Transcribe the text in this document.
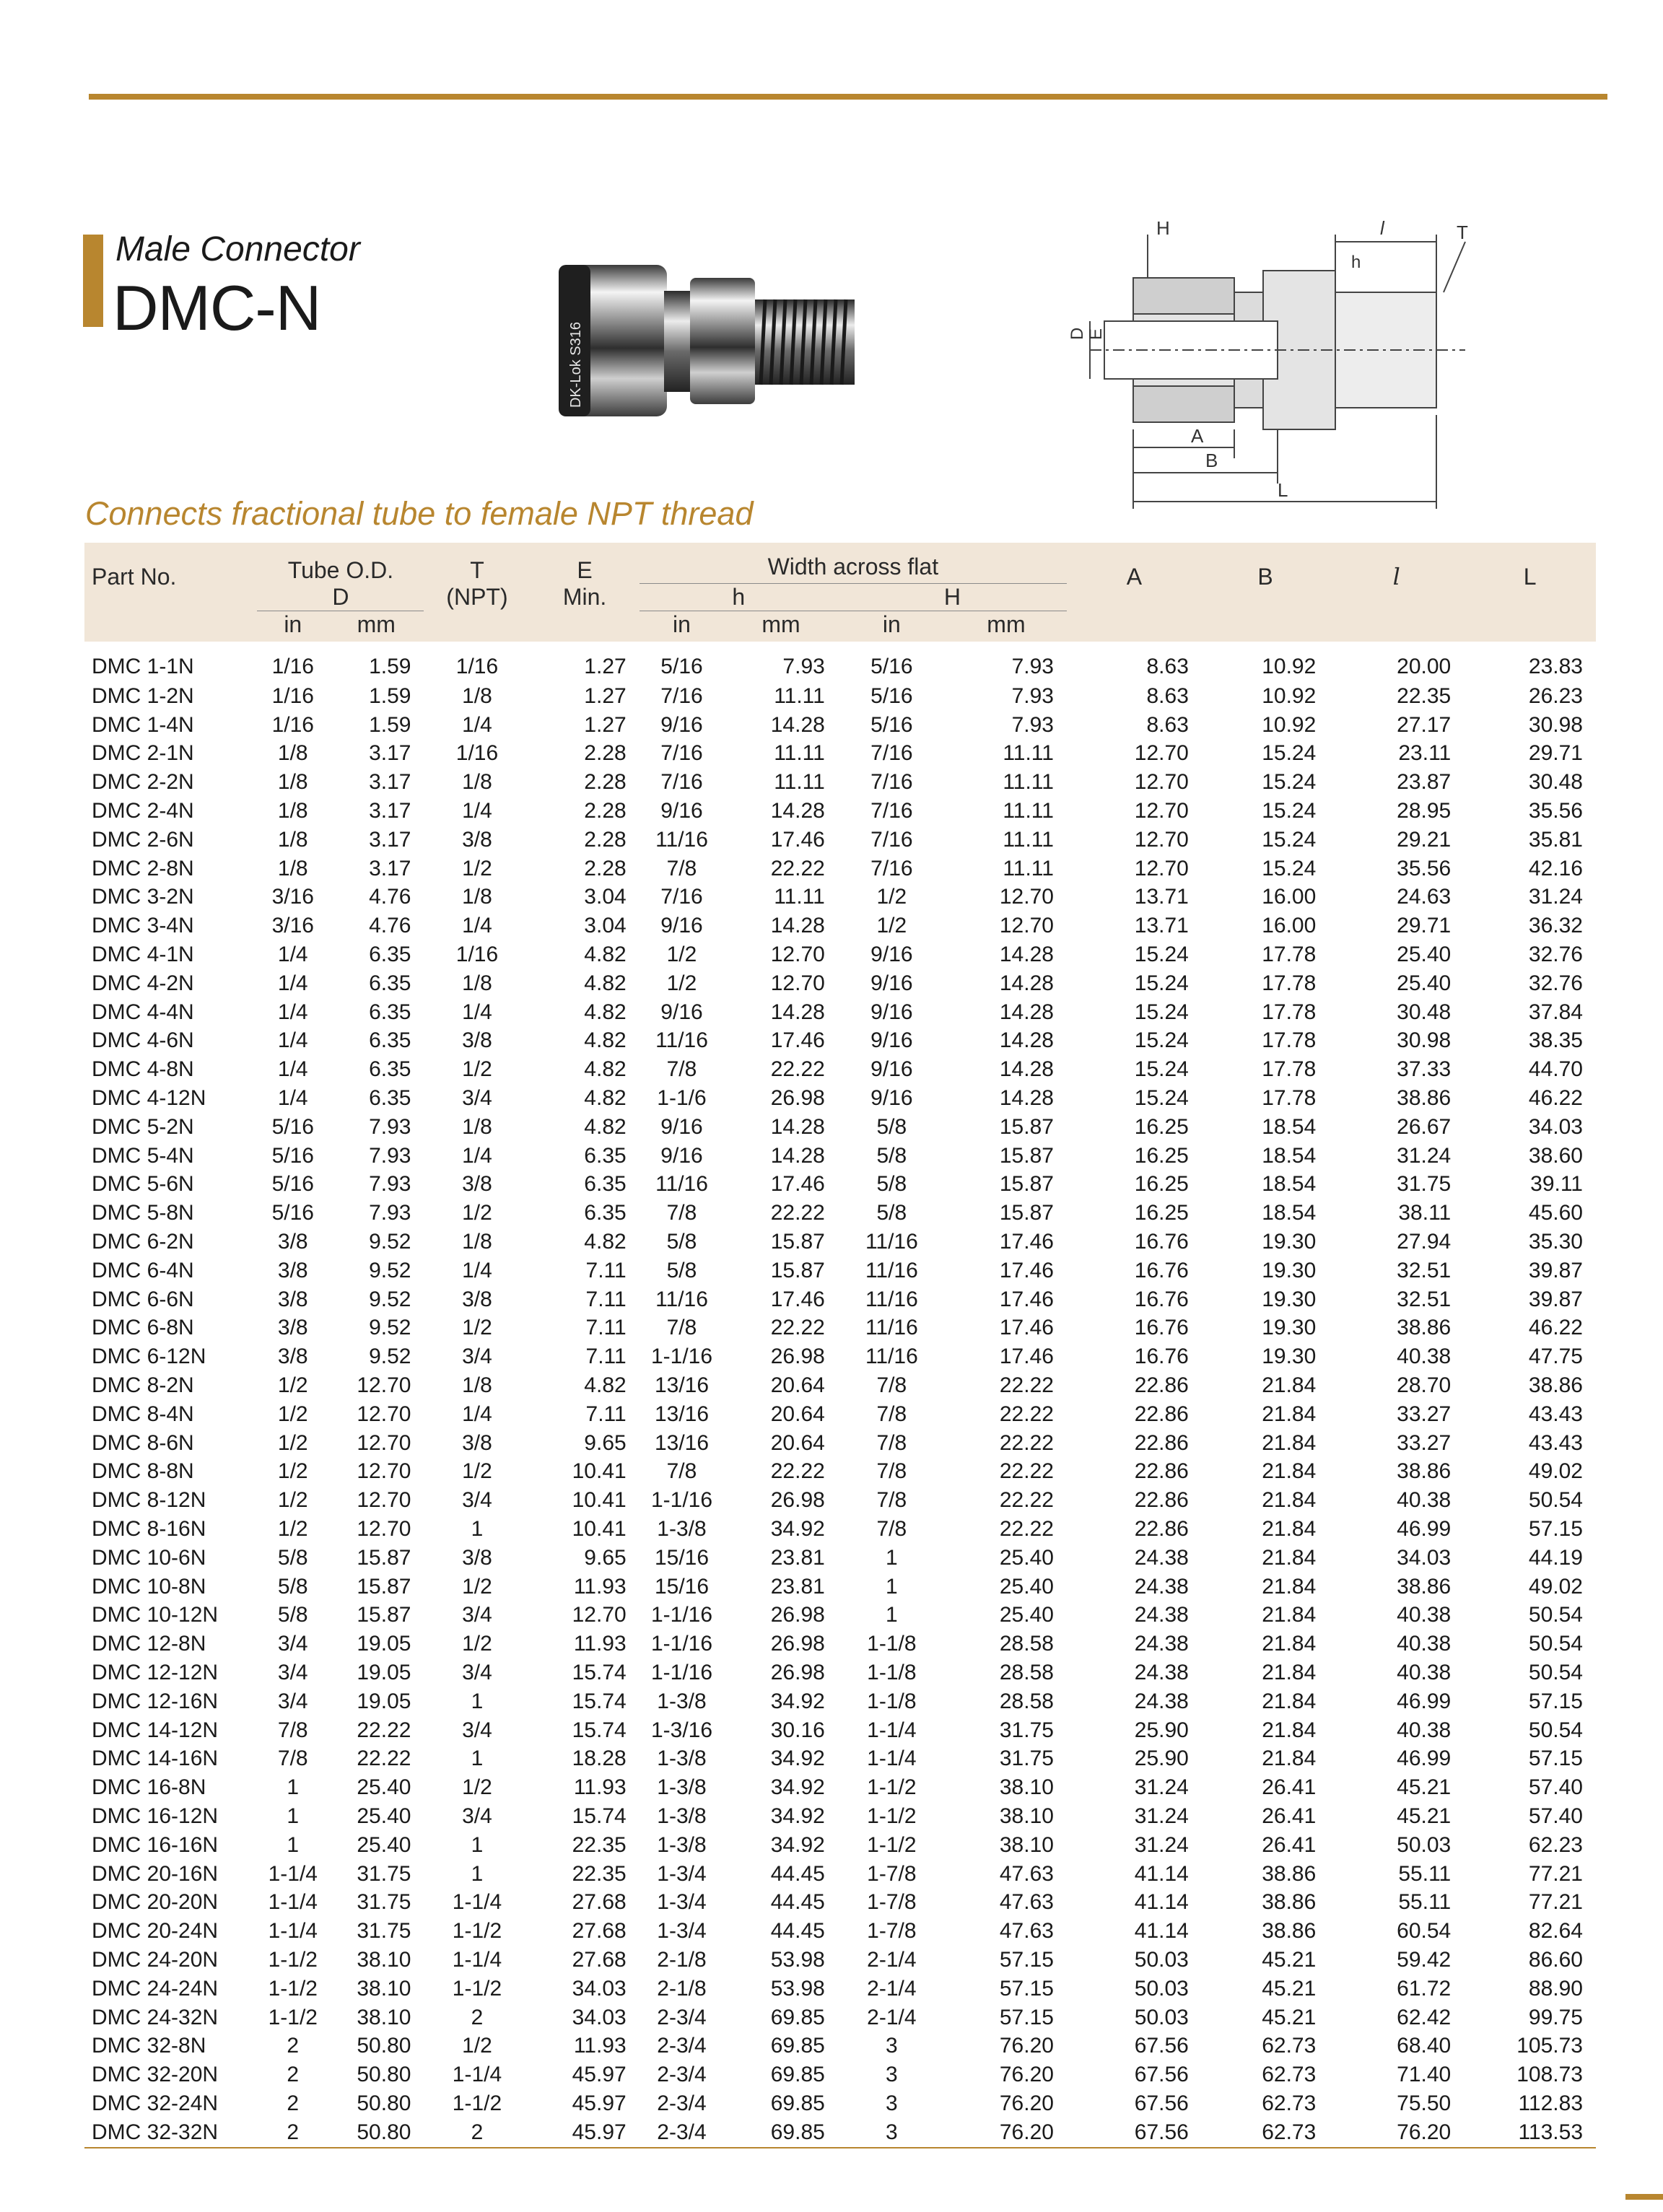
Male Connector
DMC-N
DK-Lok S316
H	l
h
T
D E
A
B
L
Connects fractional tube to female NPT thread
Part No.	Tube O.D.		T	E	Width across flat				A	B	l	L
	D		(NPT)	Min.	h		H					
	in	mm			in	mm	in	mm				
DMC 1-1N	1/16	1.59	1/16	1.27	5/16	7.93	5/16	7.93	8.63	10.92	20.00	23.83
DMC 1-2N	1/16	1.59	1/8	1.27	7/16	11.11	5/16	7.93	8.63	10.92	22.35	26.23
DMC 1-4N	1/16	1.59	1/4	1.27	9/16	14.28	5/16	7.93	8.63	10.92	27.17	30.98
DMC 2-1N	1/8	3.17	1/16	2.28	7/16	11.11	7/16	11.11	12.70	15.24	23.11	29.71
DMC 2-2N	1/8	3.17	1/8	2.28	7/16	11.11	7/16	11.11	12.70	15.24	23.87	30.48
DMC 2-4N	1/8	3.17	1/4	2.28	9/16	14.28	7/16	11.11	12.70	15.24	28.95	35.56
DMC 2-6N	1/8	3.17	3/8	2.28	11/16	17.46	7/16	11.11	12.70	15.24	29.21	35.81
DMC 2-8N	1/8	3.17	1/2	2.28	7/8	22.22	7/16	11.11	12.70	15.24	35.56	42.16
DMC 3-2N	3/16	4.76	1/8	3.04	7/16	11.11	1/2	12.70	13.71	16.00	24.63	31.24
DMC 3-4N	3/16	4.76	1/4	3.04	9/16	14.28	1/2	12.70	13.71	16.00	29.71	36.32
DMC 4-1N	1/4	6.35	1/16	4.82	1/2	12.70	9/16	14.28	15.24	17.78	25.40	32.76
DMC 4-2N	1/4	6.35	1/8	4.82	1/2	12.70	9/16	14.28	15.24	17.78	25.40	32.76
DMC 4-4N	1/4	6.35	1/4	4.82	9/16	14.28	9/16	14.28	15.24	17.78	30.48	37.84
DMC 4-6N	1/4	6.35	3/8	4.82	11/16	17.46	9/16	14.28	15.24	17.78	30.98	38.35
DMC 4-8N	1/4	6.35	1/2	4.82	7/8	22.22	9/16	14.28	15.24	17.78	37.33	44.70
DMC 4-12N	1/4	6.35	3/4	4.82	1-1/6	26.98	9/16	14.28	15.24	17.78	38.86	46.22
DMC 5-2N	5/16	7.93	1/8	4.82	9/16	14.28	5/8	15.87	16.25	18.54	26.67	34.03
DMC 5-4N	5/16	7.93	1/4	6.35	9/16	14.28	5/8	15.87	16.25	18.54	31.24	38.60
DMC 5-6N	5/16	7.93	3/8	6.35	11/16	17.46	5/8	15.87	16.25	18.54	31.75	39.11
DMC 5-8N	5/16	7.93	1/2	6.35	7/8	22.22	5/8	15.87	16.25	18.54	38.11	45.60
DMC 6-2N	3/8	9.52	1/8	4.82	5/8	15.87	11/16	17.46	16.76	19.30	27.94	35.30
DMC 6-4N	3/8	9.52	1/4	7.11	5/8	15.87	11/16	17.46	16.76	19.30	32.51	39.87
DMC 6-6N	3/8	9.52	3/8	7.11	11/16	17.46	11/16	17.46	16.76	19.30	32.51	39.87
DMC 6-8N	3/8	9.52	1/2	7.11	7/8	22.22	11/16	17.46	16.76	19.30	38.86	46.22
DMC 6-12N	3/8	9.52	3/4	7.11	1-1/16	26.98	11/16	17.46	16.76	19.30	40.38	47.75
DMC 8-2N	1/2	12.70	1/8	4.82	13/16	20.64	7/8	22.22	22.86	21.84	28.70	38.86
DMC 8-4N	1/2	12.70	1/4	7.11	13/16	20.64	7/8	22.22	22.86	21.84	33.27	43.43
DMC 8-6N	1/2	12.70	3/8	9.65	13/16	20.64	7/8	22.22	22.86	21.84	33.27	43.43
DMC 8-8N	1/2	12.70	1/2	10.41	7/8	22.22	7/8	22.22	22.86	21.84	38.86	49.02
DMC 8-12N	1/2	12.70	3/4	10.41	1-1/16	26.98	7/8	22.22	22.86	21.84	40.38	50.54
DMC 8-16N	1/2	12.70	1	10.41	1-3/8	34.92	7/8	22.22	22.86	21.84	46.99	57.15
DMC 10-6N	5/8	15.87	3/8	9.65	15/16	23.81	1	25.40	24.38	21.84	34.03	44.19
DMC 10-8N	5/8	15.87	1/2	11.93	15/16	23.81	1	25.40	24.38	21.84	38.86	49.02
DMC 10-12N	5/8	15.87	3/4	12.70	1-1/16	26.98	1	25.40	24.38	21.84	40.38	50.54
DMC 12-8N	3/4	19.05	1/2	11.93	1-1/16	26.98	1-1/8	28.58	24.38	21.84	40.38	50.54
DMC 12-12N	3/4	19.05	3/4	15.74	1-1/16	26.98	1-1/8	28.58	24.38	21.84	40.38	50.54
DMC 12-16N	3/4	19.05	1	15.74	1-3/8	34.92	1-1/8	28.58	24.38	21.84	46.99	57.15
DMC 14-12N	7/8	22.22	3/4	15.74	1-3/16	30.16	1-1/4	31.75	25.90	21.84	40.38	50.54
DMC 14-16N	7/8	22.22	1	18.28	1-3/8	34.92	1-1/4	31.75	25.90	21.84	46.99	57.15
DMC 16-8N	1	25.40	1/2	11.93	1-3/8	34.92	1-1/2	38.10	31.24	26.41	45.21	57.40
DMC 16-12N	1	25.40	3/4	15.74	1-3/8	34.92	1-1/2	38.10	31.24	26.41	45.21	57.40
DMC 16-16N	1	25.40	1	22.35	1-3/8	34.92	1-1/2	38.10	31.24	26.41	50.03	62.23
DMC 20-16N	1-1/4	31.75	1	22.35	1-3/4	44.45	1-7/8	47.63	41.14	38.86	55.11	77.21
DMC 20-20N	1-1/4	31.75	1-1/4	27.68	1-3/4	44.45	1-7/8	47.63	41.14	38.86	55.11	77.21
DMC 20-24N	1-1/4	31.75	1-1/2	27.68	1-3/4	44.45	1-7/8	47.63	41.14	38.86	60.54	82.64
DMC 24-20N	1-1/2	38.10	1-1/4	27.68	2-1/8	53.98	2-1/4	57.15	50.03	45.21	59.42	86.60
DMC 24-24N	1-1/2	38.10	1-1/2	34.03	2-1/8	53.98	2-1/4	57.15	50.03	45.21	61.72	88.90
DMC 24-32N	1-1/2	38.10	2	34.03	2-3/4	69.85	2-1/4	57.15	50.03	45.21	62.42	99.75
DMC 32-8N	2	50.80	1/2	11.93	2-3/4	69.85	3	76.20	67.56	62.73	68.40	105.73
DMC 32-20N	2	50.80	1-1/4	45.97	2-3/4	69.85	3	76.20	67.56	62.73	71.40	108.73
DMC 32-24N	2	50.80	1-1/2	45.97	2-3/4	69.85	3	76.20	67.56	62.73	75.50	112.83
DMC 32-32N	2	50.80	2	45.97	2-3/4	69.85	3	76.20	67.56	62.73	76.20	113.53
